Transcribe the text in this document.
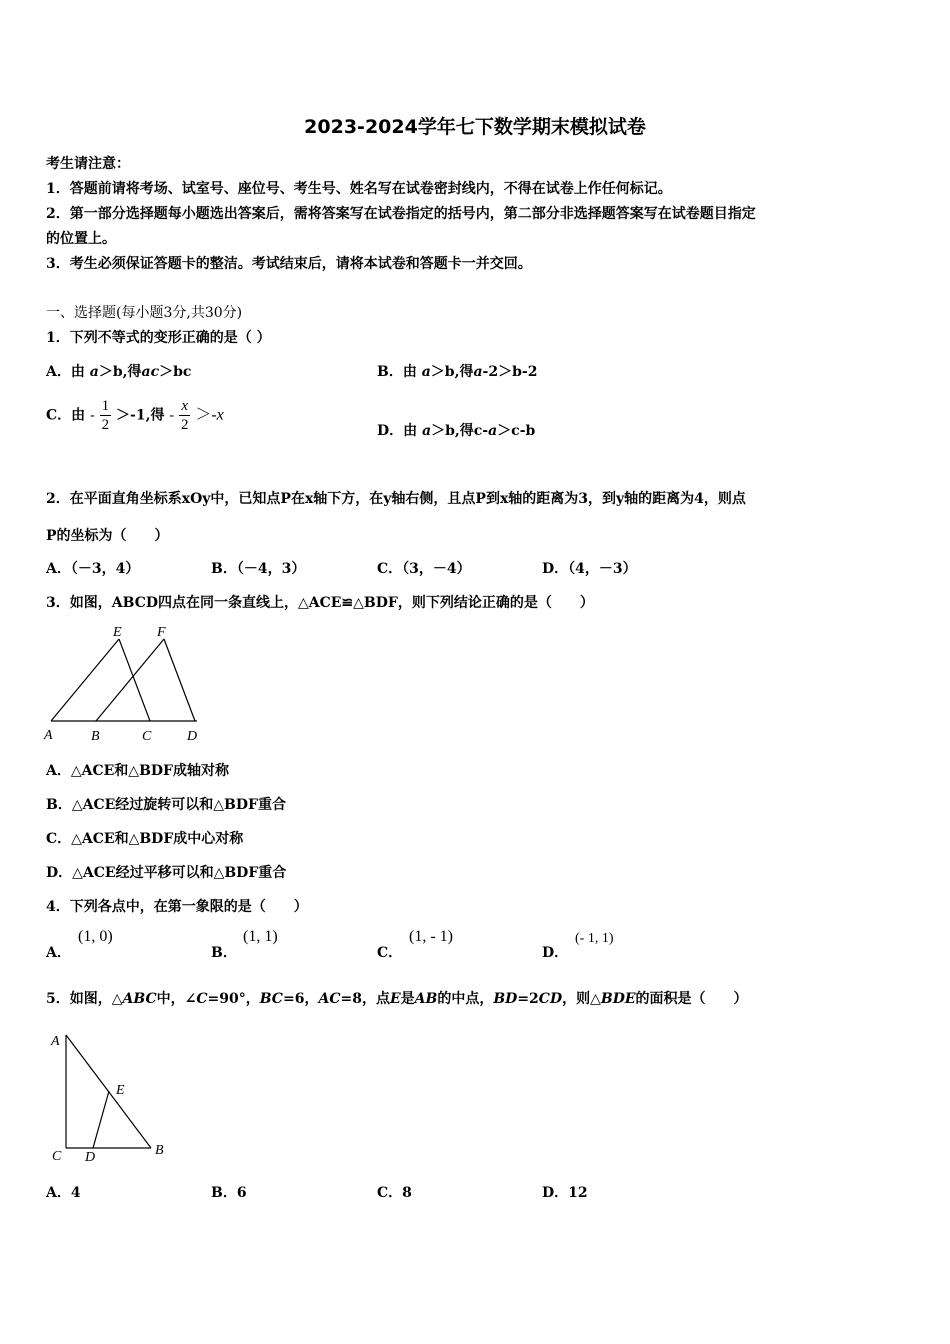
2023-2024学年七下数学期末模拟试卷
考生请注意：
1．答题前请将考场、试室号、座位号、考生号、姓名写在试卷密封线内，不得在试卷上作任何标记。
2．第一部分选择题每小题选出答案后，需将答案写在试卷指定的括号内，第二部分非选择题答案写在试卷题目指定
的位置上。
3．考生必须保证答题卡的整洁。考试结束后，请将本试卷和答题卡一并交回。
一、选择题(每小题3分,共30分)
1．下列不等式的变形正确的是（ ）
A．由 a＞b,得ac＞bc	B．由 a＞b,得a-2＞b-2
C．由 - $\frac{1}{2} >-1$,得 - $\frac{x}{2} >-x$
D．由 a＞b,得c-a＞c-b
2．在平面直角坐标系xOy中，已知点P在x轴下方，在y轴右侧，且点P到x轴的距离为3，到y轴的距离为4，则点
P的坐标为（　　）
A．（－3，4）	B．（－4，3）	C．（3，－4）	D．（4，－3）
3．如图，ABCD四点在同一条直线上，△ACE≌△BDF，则下列结论正确的是（　　）
E	F
A	B	C	D
A．△ACE和△BDF成轴对称
B．△ACE经过旋转可以和△BDF重合
C．△ACE和△BDF成中心对称
D．△ACE经过平移可以和△BDF重合
4．下列各点中，在第一象限的是（　　）
A．
(1, 0)
B．
(1, 1)
C．
(1, - 1)
D．
(- 1, 1)
5．如图，△ABC中，∠C=90°，BC=6，AC=8，点E是AB的中点，BD=2CD，则△BDE的面积是（　　）
A
E
C D	B
A．4	B．6	C．8	D．12
